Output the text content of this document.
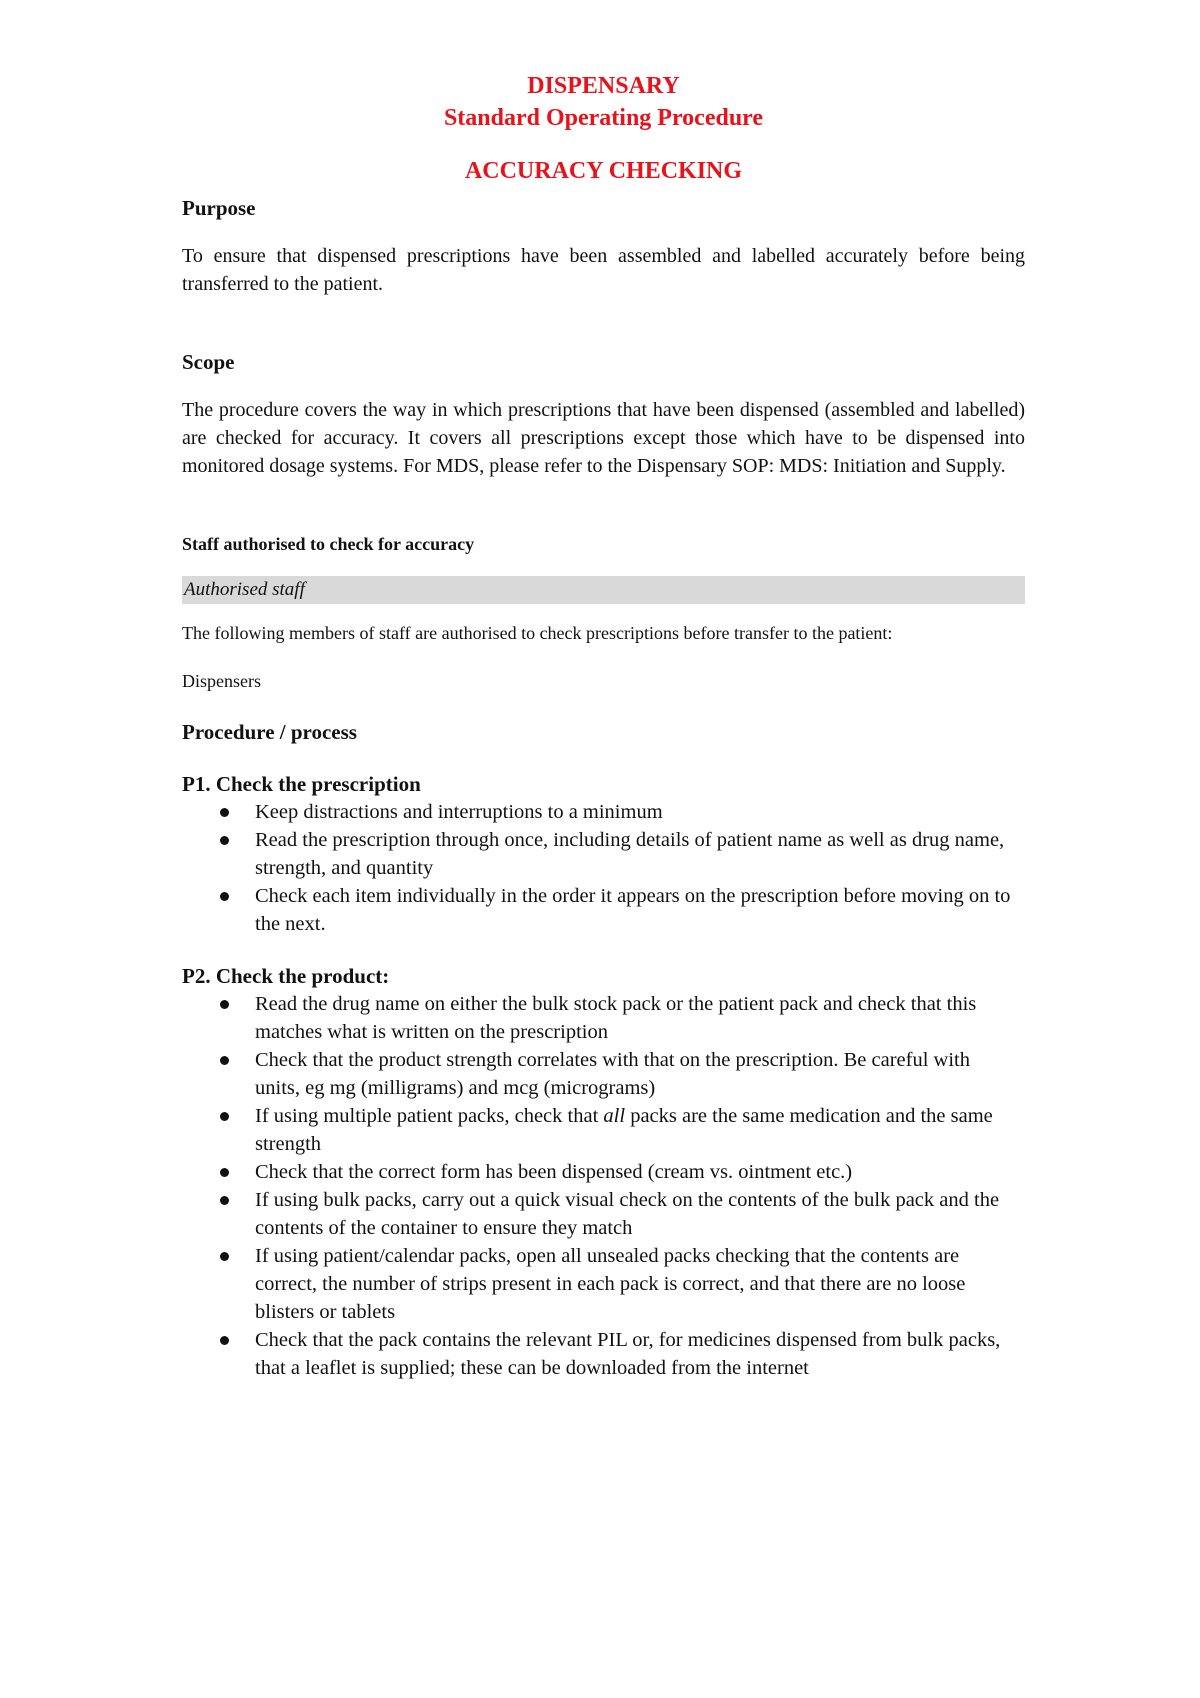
DISPENSARY
Standard Operating Procedure
ACCURACY CHECKING
Purpose
To ensure that dispensed prescriptions have been assembled and labelled accurately before being transferred to the patient.
Scope
The procedure covers the way in which prescriptions that have been dispensed (assembled and labelled) are checked for accuracy. It covers all prescriptions except those which have to be dispensed into monitored dosage systems. For MDS, please refer to the Dispensary SOP: MDS: Initiation and Supply.
Staff authorised to check for accuracy
Authorised staff
The following members of staff are authorised to check prescriptions before transfer to the patient:
Dispensers
Procedure / process
P1. Check the prescription
Keep distractions and interruptions to a minimum
Read the prescription through once, including details of patient name as well as drug name, strength, and quantity
Check each item individually in the order it appears on the prescription before moving on to the next.
P2. Check the product:
Read the drug name on either the bulk stock pack or the patient pack and check that this matches what is written on the prescription
Check that the product strength correlates with that on the prescription. Be careful with units, eg mg (milligrams) and mcg (micrograms)
If using multiple patient packs, check that all packs are the same medication and the same strength
Check that the correct form has been dispensed (cream vs. ointment etc.)
If using bulk packs, carry out a quick visual check on the contents of the bulk pack and the contents of the container to ensure they match
If using patient/calendar packs, open all unsealed packs checking that the contents are correct, the number of strips present in each pack is correct, and that there are no loose blisters or tablets
Check that the pack contains the relevant PIL or, for medicines dispensed from bulk packs, that a leaflet is supplied; these can be downloaded from the internet
